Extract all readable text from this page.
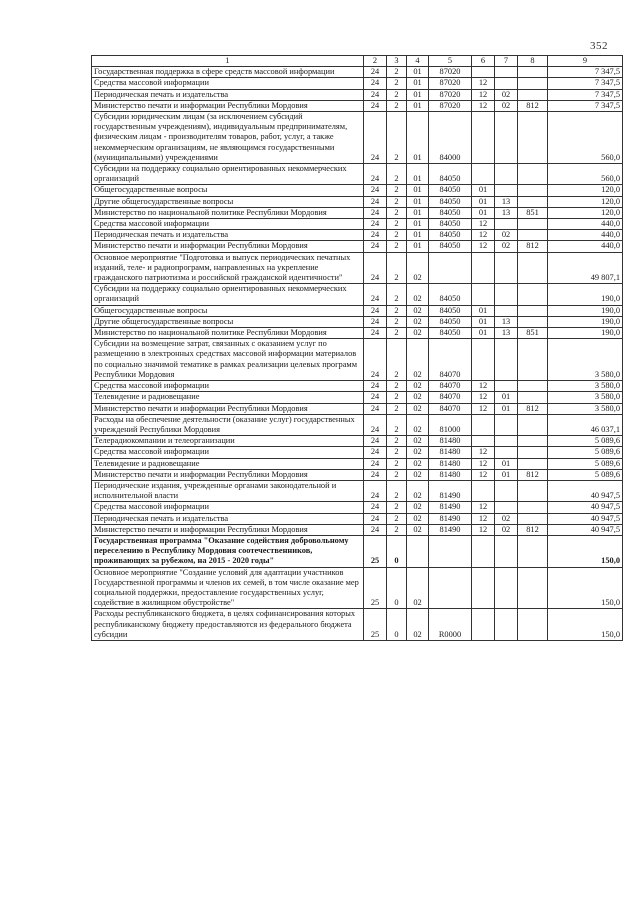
352
1	2	3	4	5	6	7	8	9
Государственная поддержка в сфере средств массовой информации	24	2	01	87020				7 347,5
Средства массовой информации	24	2	01	87020	12			7 347,5
Периодическая печать и издательства	24	2	01	87020	12	02		7 347,5
Министерство печати и информации Республики Мордовия	24	2	01	87020	12	02	812	7 347,5
Субсидии юридическим лицам (за исключением субсидий государственным учреждениям), индивидуальным предпринимателям, физическим лицам - производителям товаров, работ, услуг, а также некоммерческим организациям, не являющимся государственными (муниципальными) учреждениями	24	2	01	84000				560,0
Субсидии на поддержку социально ориентированных некоммерческих организаций	24	2	01	84050				560,0
Общегосударственные вопросы	24	2	01	84050	01			120,0
Другие общегосударственные вопросы	24	2	01	84050	01	13		120,0
Министерство по национальной политике Республики Мордовия	24	2	01	84050	01	13	851	120,0
Средства массовой информации	24	2	01	84050	12			440,0
Периодическая печать и издательства	24	2	01	84050	12	02		440,0
Министерство печати и информации Республики Мордовия	24	2	01	84050	12	02	812	440,0
Основное мероприятие "Подготовка и выпуск периодических печатных изданий, теле- и радиопрограмм, направленных на укрепление гражданского патриотизма и российской гражданской идентичности"	24	2	02					49 807,1
Субсидии на поддержку социально ориентированных некоммерческих организаций	24	2	02	84050				190,0
Общегосударственные вопросы	24	2	02	84050	01			190,0
Другие общегосударственные вопросы	24	2	02	84050	01	13		190,0
Министерство по национальной политике Республики Мордовия	24	2	02	84050	01	13	851	190,0
Субсидии на возмещение затрат, связанных с оказанием услуг по размещению в электронных средствах массовой информации материалов по социально значимой тематике в рамках реализации целевых программ Республики Мордовия	24	2	02	84070				3 580,0
Средства массовой информации	24	2	02	84070	12			3 580,0
Телевидение и радиовещание	24	2	02	84070	12	01		3 580,0
Министерство печати и информации Республики Мордовия	24	2	02	84070	12	01	812	3 580,0
Расходы на обеспечение деятельности (оказание услуг) государственных учреждений Республики Мордовия	24	2	02	81000				46 037,1
Телерадиокомпании и телеорганизации	24	2	02	81480				5 089,6
Средства массовой информации	24	2	02	81480	12			5 089,6
Телевидение и радиовещание	24	2	02	81480	12	01		5 089,6
Министерство печати и информации Республики Мордовия	24	2	02	81480	12	01	812	5 089,6
Периодические издания, учрежденные органами законодательной и исполнительной власти	24	2	02	81490				40 947,5
Средства массовой информации	24	2	02	81490	12			40 947,5
Периодическая печать и издательства	24	2	02	81490	12	02		40 947,5
Министерство печати и информации Республики Мордовия	24	2	02	81490	12	02	812	40 947,5
Государственная программа "Оказание содействия добровольному переселению в Республику Мордовия соотечественников, проживающих за рубежом, на 2015 - 2020 годы"	25	0						150,0
Основное мероприятие "Создание условий для адаптации участников Государственной программы и членов их семей, в том числе оказание мер социальной поддержки, предоставление государственных услуг, содействие в жилищном обустройстве"	25	0	02					150,0
Расходы республиканского бюджета, в целях софинансирования которых республиканскому бюджету предоставляются из федерального бюджета субсидии	25	0	02	R0000				150,0
